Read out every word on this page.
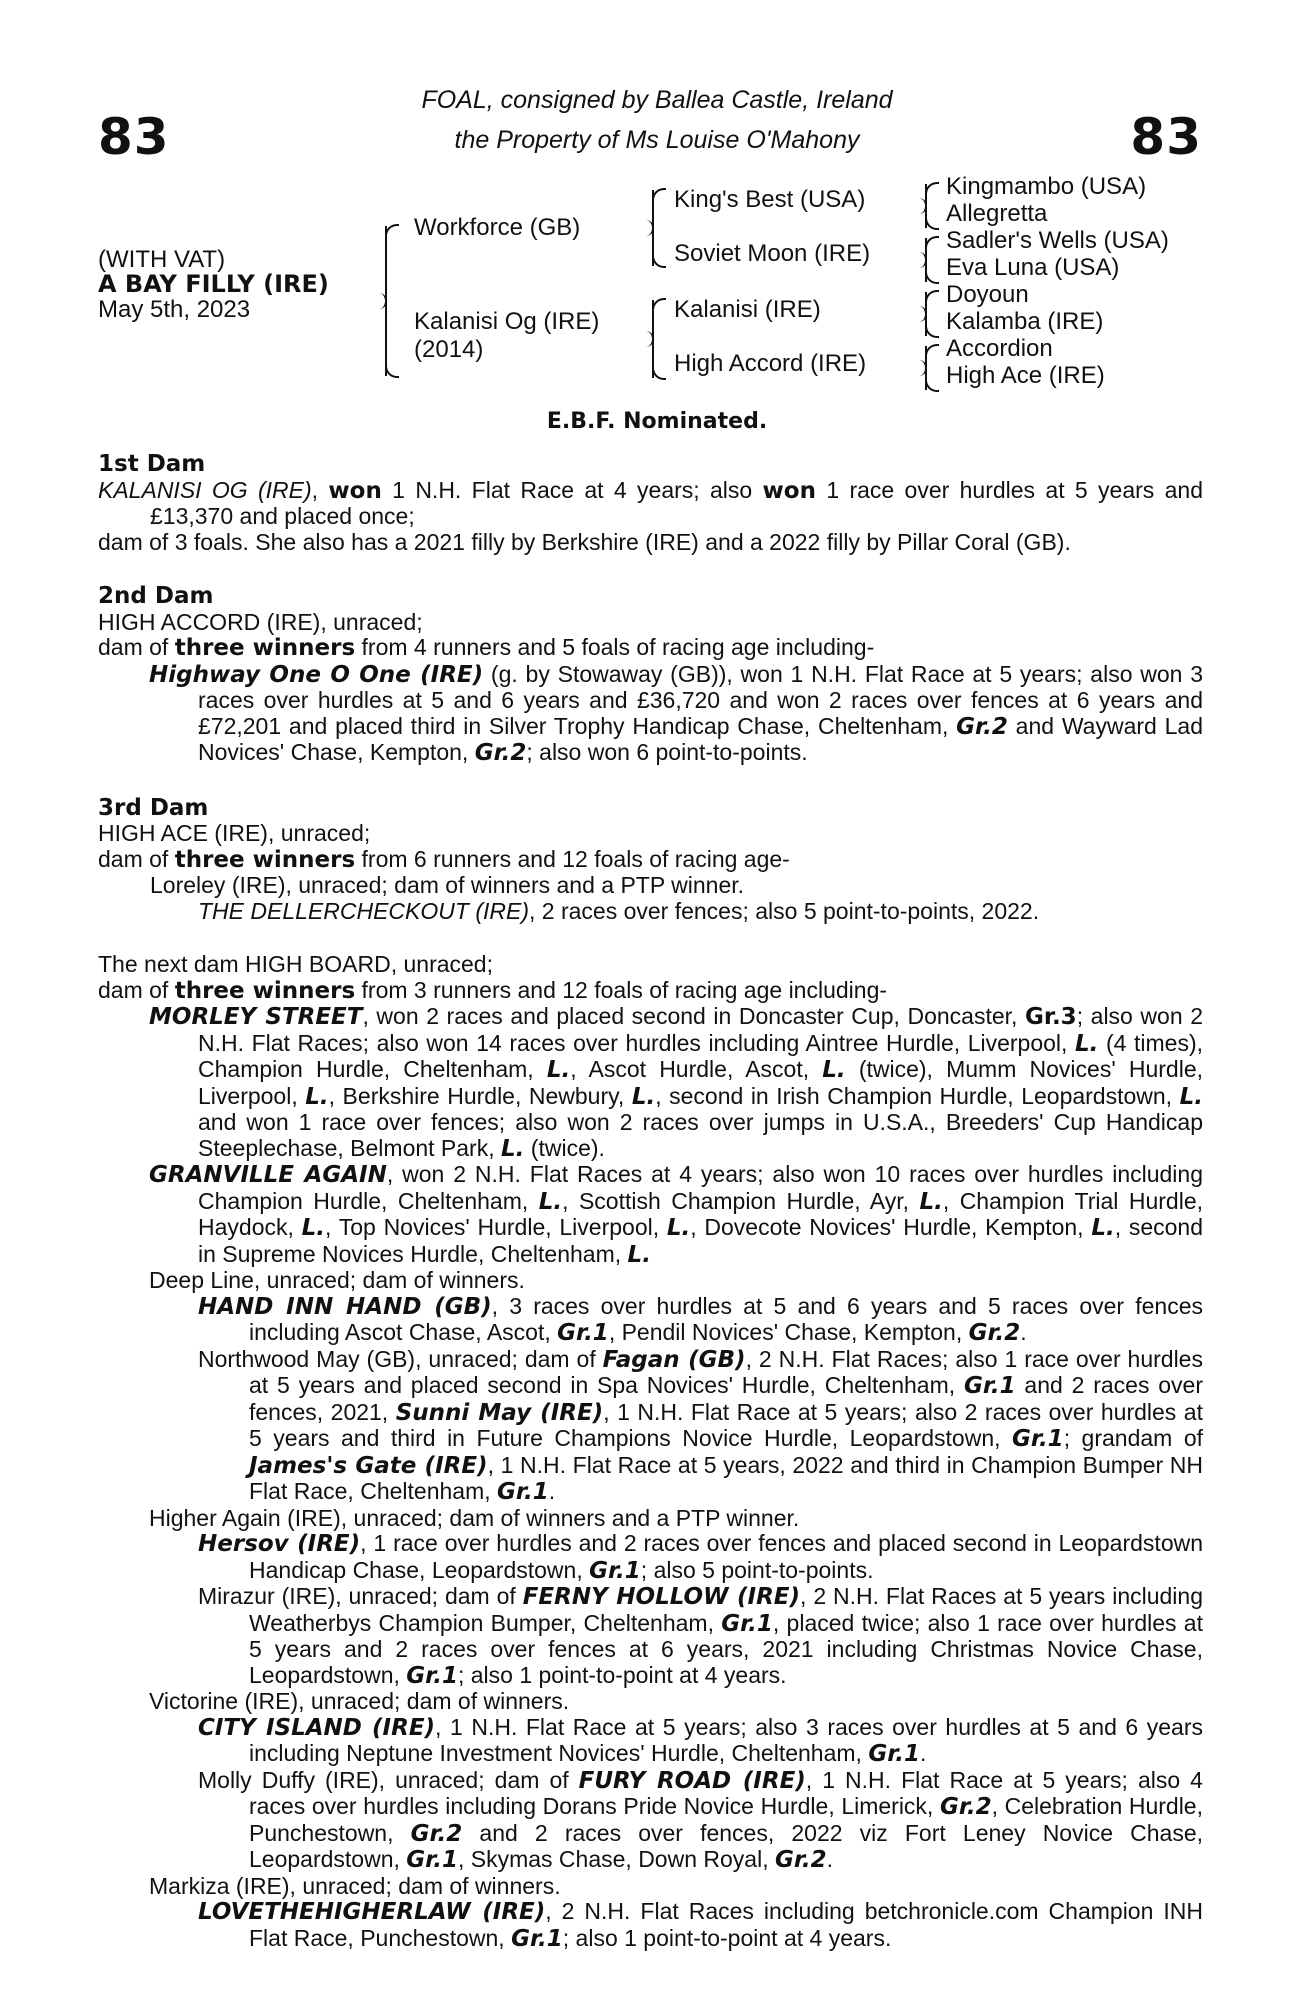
83	83
FOAL, consigned by Ballea Castle, Ireland
the Property of Ms Louise O'Mahony
(WITH VAT)
A BAY FILLY (IRE)
May 5th, 2023
Workforce (GB)
Kalanisi Og (IRE)
(2014)
King's Best (USA)
Soviet Moon (IRE)
Kalanisi (IRE)
High Accord (IRE)
Kingmambo (USA)
Allegretta
Sadler's Wells (USA)
Eva Luna (USA)
Doyoun
Kalamba (IRE)
Accordion
High Ace (IRE)
E.B.F. Nominated.
1st Dam
KALANISI OG (IRE), won 1 N.H. Flat Race at 4 years; also won 1 race over hurdles at 5 years and £13,370 and placed once;
dam of 3 foals. She also has a 2021 filly by Berkshire (IRE) and a 2022 filly by Pillar Coral (GB).
2nd Dam
HIGH ACCORD (IRE), unraced;
dam of three winners from 4 runners and 5 foals of racing age including-
Highway One O One (IRE) (g. by Stowaway (GB)), won 1 N.H. Flat Race at 5 years; also won 3 races over hurdles at 5 and 6 years and £36,720 and won 2 races over fences at 6 years and £72,201 and placed third in Silver Trophy Handicap Chase, Cheltenham, Gr.2 and Wayward Lad Novices' Chase, Kempton, Gr.2; also won 6 point-to-points.
3rd Dam
HIGH ACE (IRE), unraced;
dam of three winners from 6 runners and 12 foals of racing age-
Loreley (IRE), unraced; dam of winners and a PTP winner.
THE DELLERCHECKOUT (IRE), 2 races over fences; also 5 point-to-points, 2022.
The next dam HIGH BOARD, unraced;
dam of three winners from 3 runners and 12 foals of racing age including-
MORLEY STREET, won 2 races and placed second in Doncaster Cup, Doncaster, Gr.3; also won 2 N.H. Flat Races; also won 14 races over hurdles including Aintree Hurdle, Liverpool, L. (4 times), Champion Hurdle, Cheltenham, L., Ascot Hurdle, Ascot, L. (twice), Mumm Novices' Hurdle, Liverpool, L., Berkshire Hurdle, Newbury, L., second in Irish Champion Hurdle, Leopardstown, L. and won 1 race over fences; also won 2 races over jumps in U.S.A., Breeders' Cup Handicap Steeplechase, Belmont Park, L. (twice).
GRANVILLE AGAIN, won 2 N.H. Flat Races at 4 years; also won 10 races over hurdles including Champion Hurdle, Cheltenham, L., Scottish Champion Hurdle, Ayr, L., Champion Trial Hurdle, Haydock, L., Top Novices' Hurdle, Liverpool, L., Dovecote Novices' Hurdle, Kempton, L., second in Supreme Novices Hurdle, Cheltenham, L.
Deep Line, unraced; dam of winners.
HAND INN HAND (GB), 3 races over hurdles at 5 and 6 years and 5 races over fences including Ascot Chase, Ascot, Gr.1, Pendil Novices' Chase, Kempton, Gr.2.
Northwood May (GB), unraced; dam of Fagan (GB), 2 N.H. Flat Races; also 1 race over hurdles at 5 years and placed second in Spa Novices' Hurdle, Cheltenham, Gr.1 and 2 races over fences, 2021, Sunni May (IRE), 1 N.H. Flat Race at 5 years; also 2 races over hurdles at 5 years and third in Future Champions Novice Hurdle, Leopardstown, Gr.1; grandam of James's Gate (IRE), 1 N.H. Flat Race at 5 years, 2022 and third in Champion Bumper NH Flat Race, Cheltenham, Gr.1.
Higher Again (IRE), unraced; dam of winners and a PTP winner.
Hersov (IRE), 1 race over hurdles and 2 races over fences and placed second in Leopardstown Handicap Chase, Leopardstown, Gr.1; also 5 point-to-points.
Mirazur (IRE), unraced; dam of FERNY HOLLOW (IRE), 2 N.H. Flat Races at 5 years including Weatherbys Champion Bumper, Cheltenham, Gr.1, placed twice; also 1 race over hurdles at 5 years and 2 races over fences at 6 years, 2021 including Christmas Novice Chase, Leopardstown, Gr.1; also 1 point-to-point at 4 years.
Victorine (IRE), unraced; dam of winners.
CITY ISLAND (IRE), 1 N.H. Flat Race at 5 years; also 3 races over hurdles at 5 and 6 years including Neptune Investment Novices' Hurdle, Cheltenham, Gr.1.
Molly Duffy (IRE), unraced; dam of FURY ROAD (IRE), 1 N.H. Flat Race at 5 years; also 4 races over hurdles including Dorans Pride Novice Hurdle, Limerick, Gr.2, Celebration Hurdle, Punchestown, Gr.2 and 2 races over fences, 2022 viz Fort Leney Novice Chase, Leopardstown, Gr.1, Skymas Chase, Down Royal, Gr.2.
Markiza (IRE), unraced; dam of winners.
LOVETHEHIGHERLAW (IRE), 2 N.H. Flat Races including betchronicle.com Champion INH Flat Race, Punchestown, Gr.1; also 1 point-to-point at 4 years.
